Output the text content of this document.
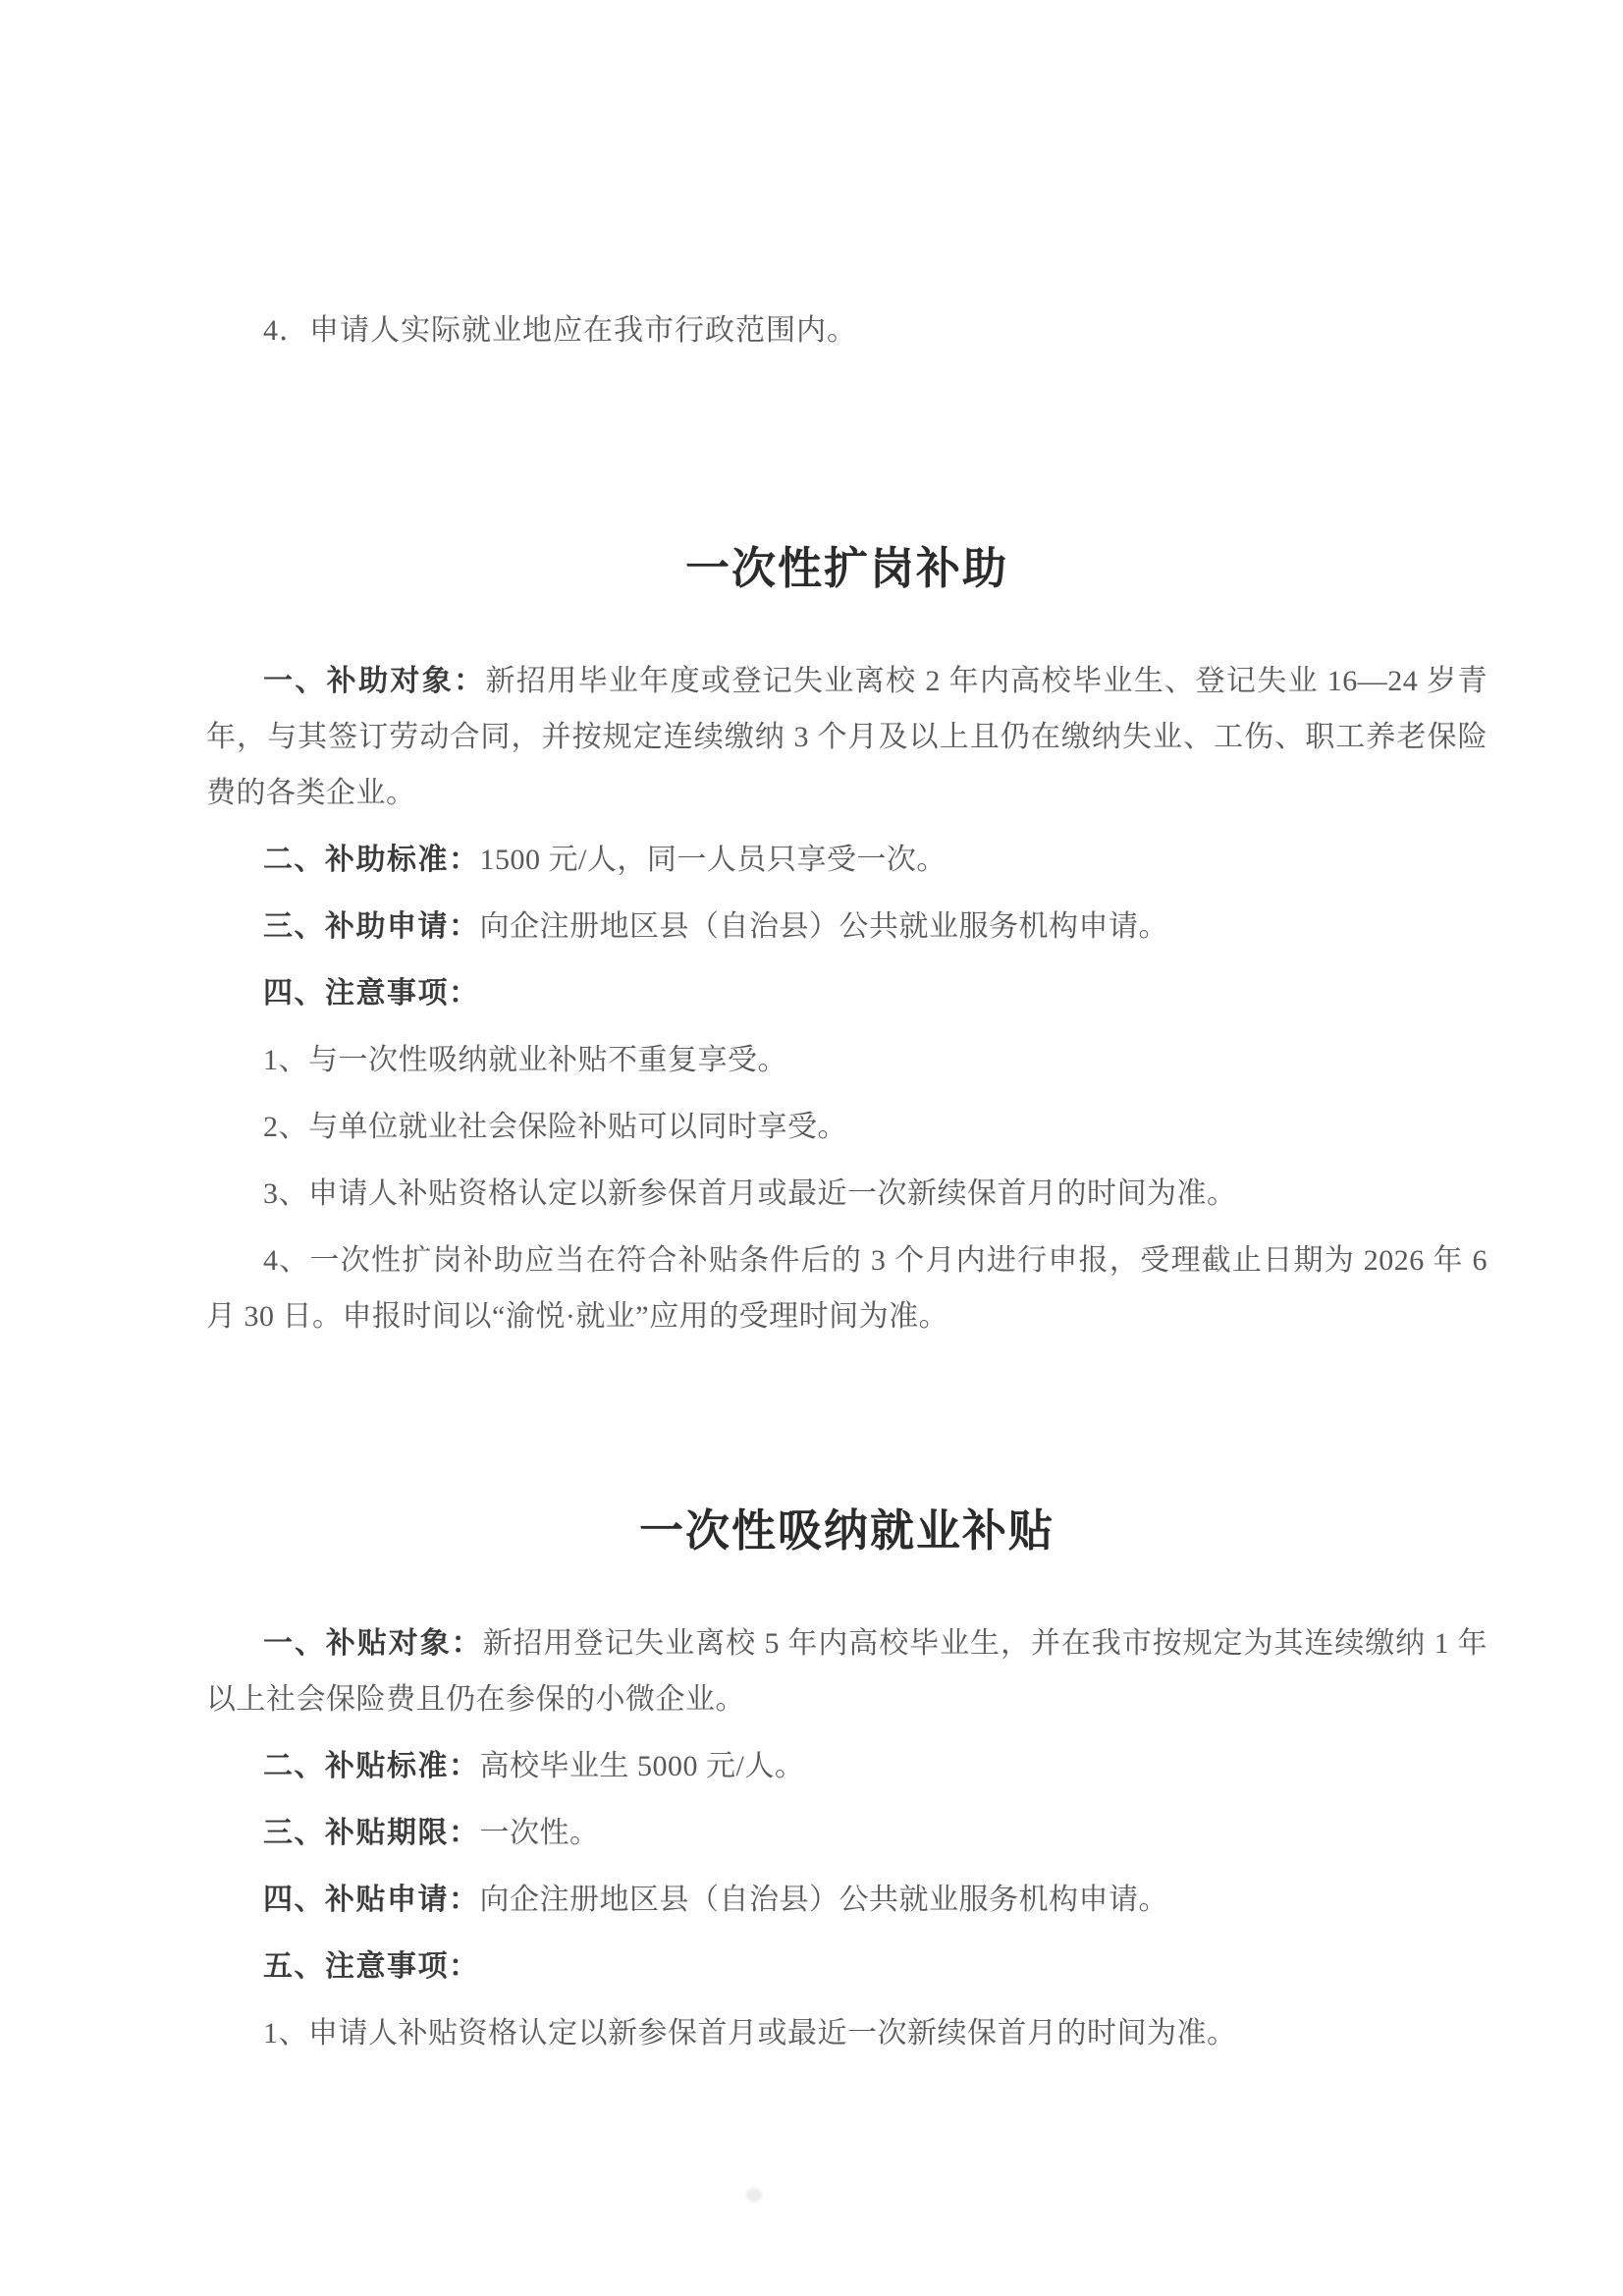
4．申请人实际就业地应在我市行政范围内。
一次性扩岗补助
一、补助对象：新招用毕业年度或登记失业离校 2 年内高校毕业生、登记失业 16—24 岁青年，与其签订劳动合同，并按规定连续缴纳 3 个月及以上且仍在缴纳失业、工伤、职工养老保险费的各类企业。
二、补助标准：1500 元/人，同一人员只享受一次。
三、补助申请：向企注册地区县（自治县）公共就业服务机构申请。
四、注意事项：
1、与一次性吸纳就业补贴不重复享受。
2、与单位就业社会保险补贴可以同时享受。
3、申请人补贴资格认定以新参保首月或最近一次新续保首月的时间为准。
4、一次性扩岗补助应当在符合补贴条件后的 3 个月内进行申报，受理截止日期为 2026 年 6 月 30 日。申报时间以“渝悦·就业”应用的受理时间为准。
一次性吸纳就业补贴
一、补贴对象：新招用登记失业离校 5 年内高校毕业生，并在我市按规定为其连续缴纳 1 年以上社会保险费且仍在参保的小微企业。
二、补贴标准：高校毕业生 5000 元/人。
三、补贴期限：一次性。
四、补贴申请：向企注册地区县（自治县）公共就业服务机构申请。
五、注意事项：
1、申请人补贴资格认定以新参保首月或最近一次新续保首月的时间为准。
